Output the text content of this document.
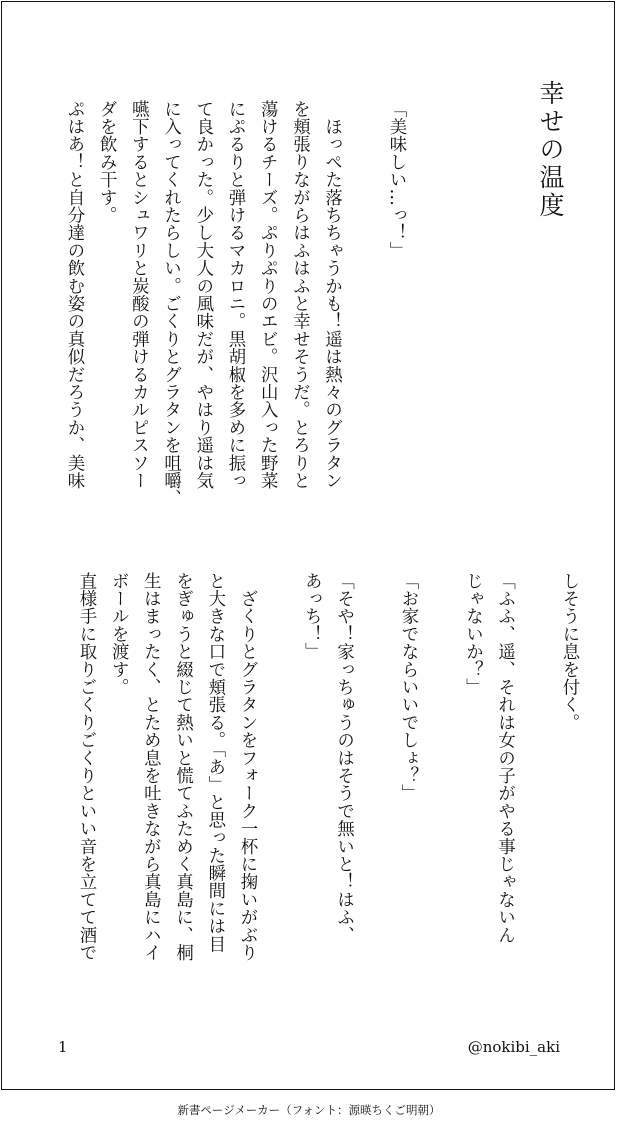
幸せの温度
「美味しい…っ！」

　ほっぺた落ちちゃうかも！遥は熱々のグラタン
を頬張りながらはふはふと幸せそうだ。とろりと
蕩けるチーズ。ぷりぷりのエビ。沢山入った野菜
にぷるりと弾けるマカロニ。黒胡椒を多めに振っ
て良かった。少し大人の風味だが、やはり遥は気
に入ってくれたらしい。ごくりとグラタンを咀嚼、
嚥下するとシュワリと炭酸の弾けるカルピスソー
ダを飲み干す。
ぷはあ！と自分達の飲む姿の真似だろうか、美味
しそうに息を付く。

「ふふ、遥、それは女の子がやる事じゃないん
じゃないか？」

「お家でならいいでしょ？」

「そや！家っちゅうのはそうで無いと！はふ、
あっち！」

　ざくりとグラタンをフォーク一杯に掬いがぶり
と大きな口で頬張る。「あ」と思った瞬間には目
をぎゅうと綴じて熱いと慌てふためく真島に、桐
生はまったく、とため息を吐きながら真島にハイ
ボールを渡す。
直様手に取りごくりごくりといい音を立てて酒で
1	@nokibi_aki
新書ページメーカー（フォント：源暎ちくご明朝）
